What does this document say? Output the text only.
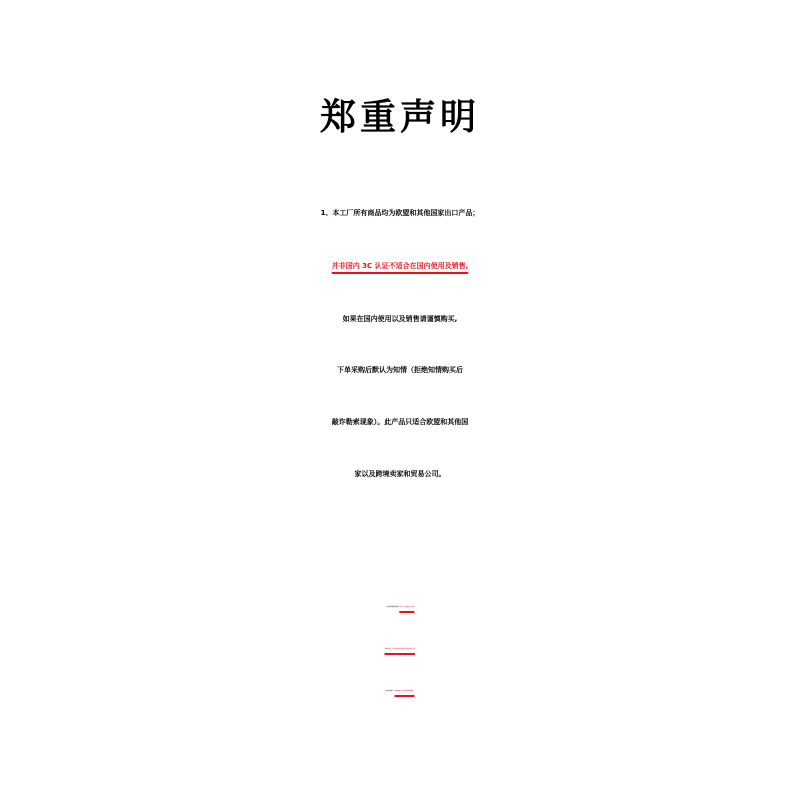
郑重声明
1、本工厂所有商品均为欧盟和其他国家出口产品；
并非国内 3C 认证不适合在国内使用及销售,
如果在国内使用以及销售请谨慎购买,
下单采购后默认为知情（拒绝知情购买后
敲诈勒索现象）。此产品只适合欧盟和其他国
家以及跨境卖家和贸易公司。
2、如需开票请提前告知客服（开票有一定订单数量要求，具体要
求请联系客服)；开票需按国家法规出具购销合同及提供公账对公交易;
本店不是零售行业，少批量拿样的无法提供零售发票请谨慎购买。
